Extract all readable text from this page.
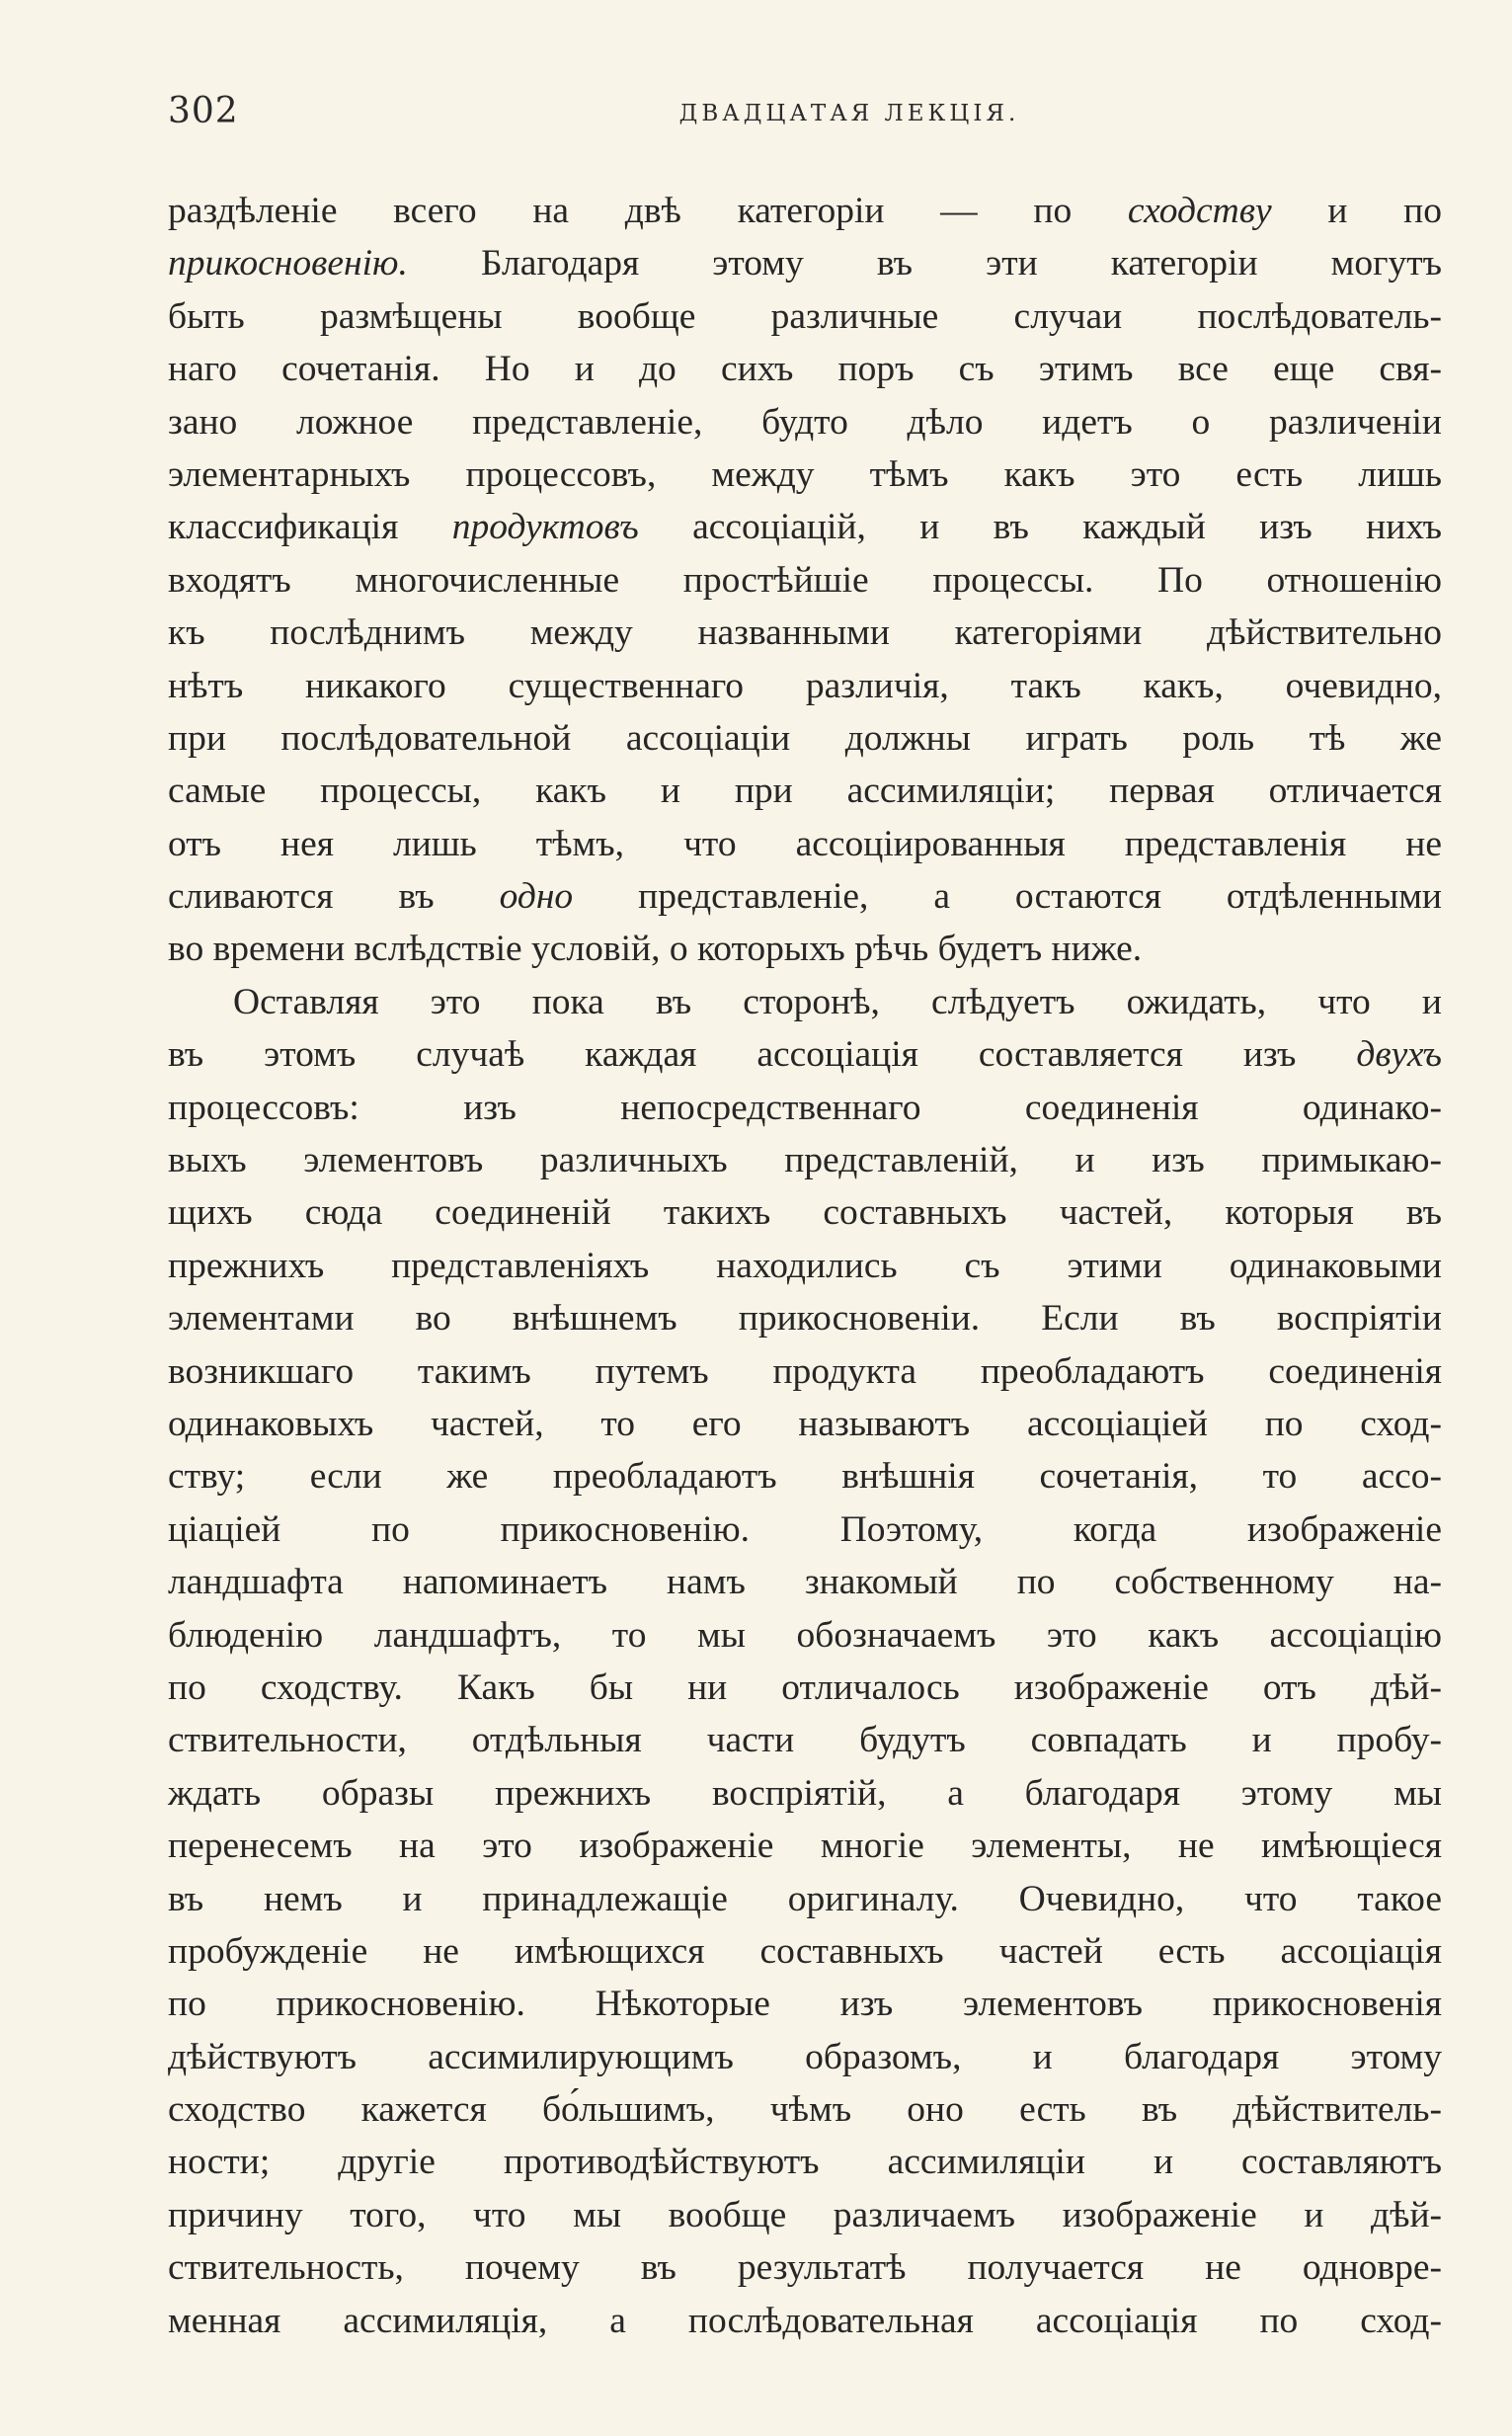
302	ДВАДЦАТАЯ ЛЕКЦIЯ.
раздѣленіе всего на двѣ категоріи — по сходству и по
прикосновенію. Благодаря этому въ эти категоріи могутъ
быть размѣщены вообще различные случаи послѣдователь-
наго сочетанія. Но и до сихъ поръ съ этимъ все еще свя-
зано ложное представленіе, будто дѣло идетъ о различеніи
элементарныхъ процессовъ, между тѣмъ какъ это есть лишь
классификація продуктовъ ассоціацій, и въ каждый изъ нихъ
входятъ многочисленные простѣйшіе процессы. По отношенію
къ послѣднимъ между названными категоріями дѣйствительно
нѣтъ никакого существеннаго различія, такъ какъ, очевидно,
при послѣдовательной ассоціаціи должны играть роль тѣ же
самые процессы, какъ и при ассимиляціи; первая отличается
отъ нея лишь тѣмъ, что ассоціированныя представленія не
сливаются въ одно представленіе, а остаются отдѣленными
во времени вслѣдствіе условій, о которыхъ рѣчь будетъ ниже.
Оставляя это пока въ сторонѣ, слѣдуетъ ожидать, что и
въ этомъ случаѣ каждая ассоціація составляется изъ двухъ
процессовъ: изъ непосредственнаго соединенія одинако-
выхъ элементовъ различныхъ представленій, и изъ примыкаю-
щихъ сюда соединеній такихъ составныхъ частей, которыя въ
прежнихъ представленіяхъ находились съ этими одинаковыми
элементами во внѣшнемъ прикосновеніи. Если въ воспріятіи
возникшаго такимъ путемъ продукта преобладаютъ соединенія
одинаковыхъ частей, то его называютъ ассоціаціей по сход-
ству; если же преобладаютъ внѣшнія сочетанія, то ассо-
ціаціей по прикосновенію. Поэтому, когда изображеніе
ландшафта напоминаетъ намъ знакомый по собственному на-
блюденію ландшафтъ, то мы обозначаемъ это какъ ассоціацію
по сходству. Какъ бы ни отличалось изображеніе отъ дѣй-
ствительности, отдѣльныя части будутъ совпадать и пробу-
ждать образы прежнихъ воспріятій, а благодаря этому мы
перенесемъ на это изображеніе многіе элементы, не имѣющіеся
въ немъ и принадлежащіе оригиналу. Очевидно, что такое
пробужденіе не имѣющихся составныхъ частей есть ассоціація
по прикосновенію. Нѣкоторые изъ элементовъ прикосновенія
дѣйствуютъ ассимилирующимъ образомъ, и благодаря этому
сходство кажется бо́льшимъ, чѣмъ оно есть въ дѣйствитель-
ности; другіе противодѣйствуютъ ассимиляціи и составляютъ
причину того, что мы вообще различаемъ изображеніе и дѣй-
ствительность, почему въ результатѣ получается не одновре-
менная ассимиляція, а послѣдовательная ассоціація по сход-
